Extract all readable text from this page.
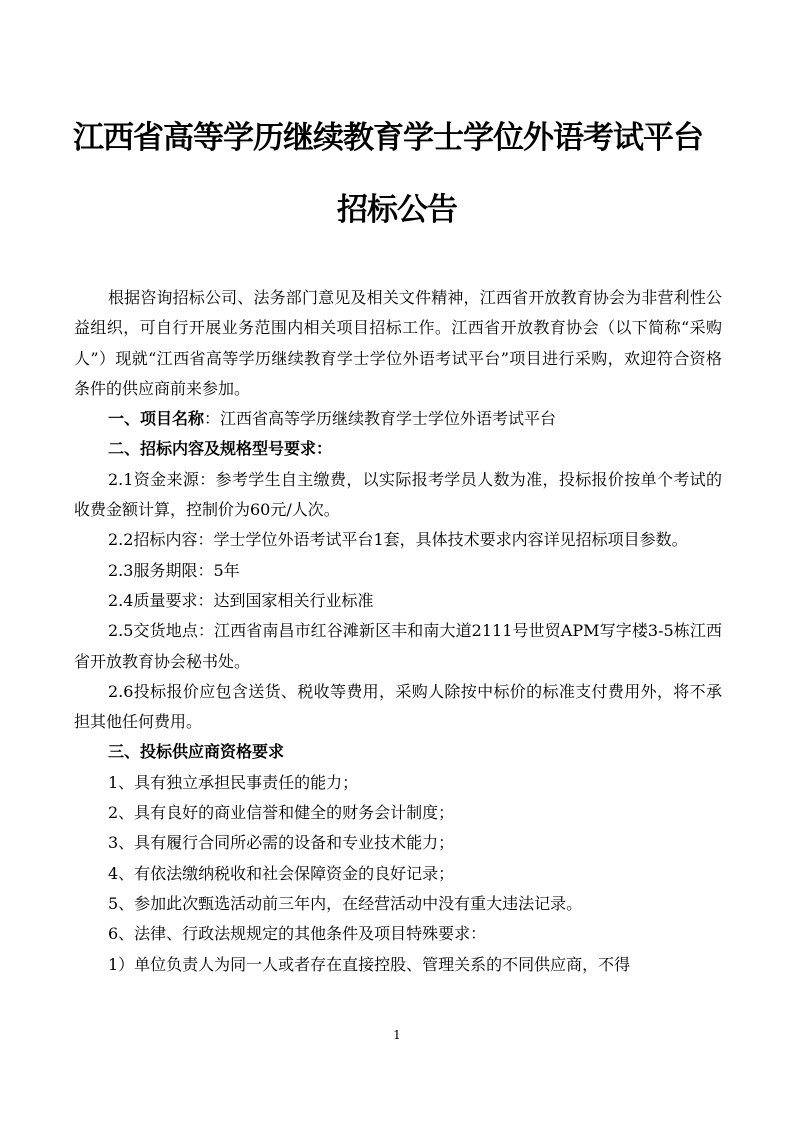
江西省高等学历继续教育学士学位外语考试平台
招标公告

根据咨询招标公司、法务部门意见及相关文件精神，江西省开放教育协会为非营利性公益组织，可自行开展业务范围内相关项目招标工作。江西省开放教育协会（以下简称“采购人”）现就“江西省高等学历继续教育学士学位外语考试平台”项目进行采购，欢迎符合资格条件的供应商前来参加。

一、项目名称：江西省高等学历继续教育学士学位外语考试平台

二、招标内容及规格型号要求：

2.1资金来源：参考学生自主缴费，以实际报考学员人数为准，投标报价按单个考试的收费金额计算，控制价为60元/人次。

2.2招标内容：学士学位外语考试平台1套，具体技术要求内容详见招标项目参数。

2.3服务期限：5年

2.4质量要求：达到国家相关行业标准

2.5交货地点：江西省南昌市红谷滩新区丰和南大道2111号世贸APM写字楼3-5栋江西省开放教育协会秘书处。

2.6投标报价应包含送货、税收等费用，采购人除按中标价的标准支付费用外，将不承担其他任何费用。

三、投标供应商资格要求

1、具有独立承担民事责任的能力；

2、具有良好的商业信誉和健全的财务会计制度；

3、具有履行合同所必需的设备和专业技术能力；

4、有依法缴纳税收和社会保障资金的良好记录；

5、参加此次甄选活动前三年内，在经营活动中没有重大违法记录。

6、法律、行政法规规定的其他条件及项目特殊要求：

1）单位负责人为同一人或者存在直接控股、管理关系的不同供应商，不得

1
